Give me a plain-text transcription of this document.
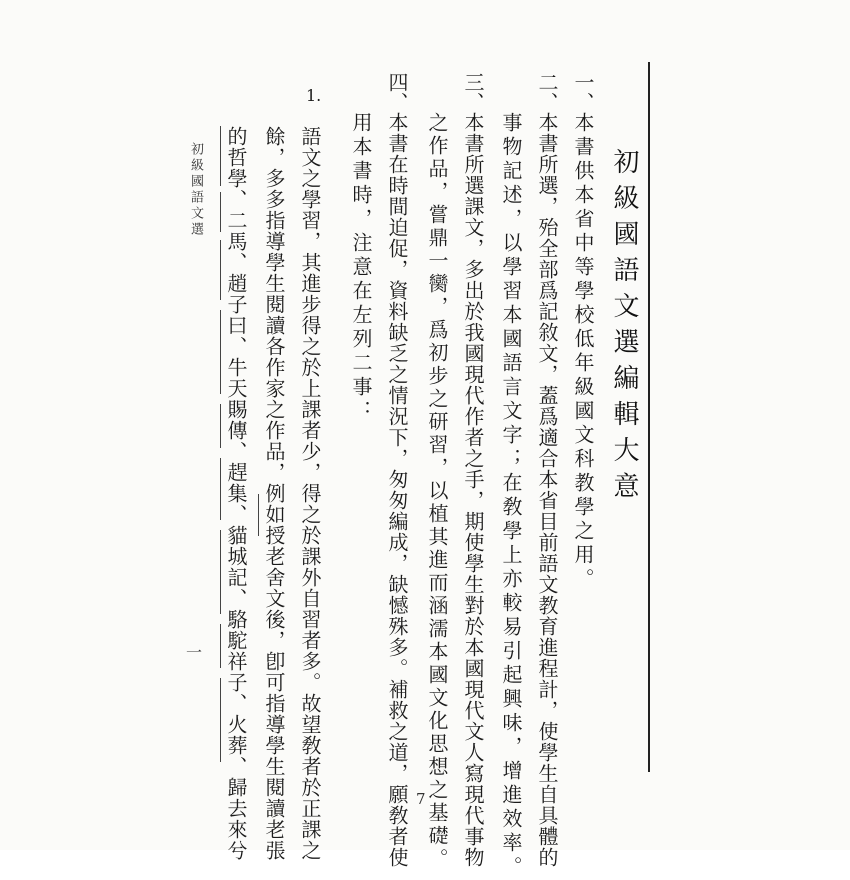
初級國語文選編輯大意
一、
本書供本省中等學校低年級國文科教學之用。
二、
本書所選，殆全部爲記敘文，蓋爲適合本省目前語文教育進程計，使學生自具體的
事物記述，以學習本國語言文字；在敎學上亦較易引起興味，增進效率。
三、
本書所選課文，多出於我國現代作者之手，期使學生對於本國現代文人寫現代事物
之作品，嘗鼎一臠，爲初步之研習，以植其進而涵濡本國文化思想之基礎。
四、
本書在時間迫促，資料缺乏之情況下，匆匆編成，缺憾殊多。補救之道，願敎者使
用本書時，注意在左列二事：
1.
語文之學習，其進步得之於上課者少，得之於課外自習者多。故望敎者於正課之
餘，多多指導學生閱讀各作家之作品，例如授老舍文後，卽可指導學生閱讀老張
的哲學、二馬、趙子曰、牛天賜傳、趕集、貓城記、駱駝祥子、火葬、歸去來兮
初級國語文選
一
7
